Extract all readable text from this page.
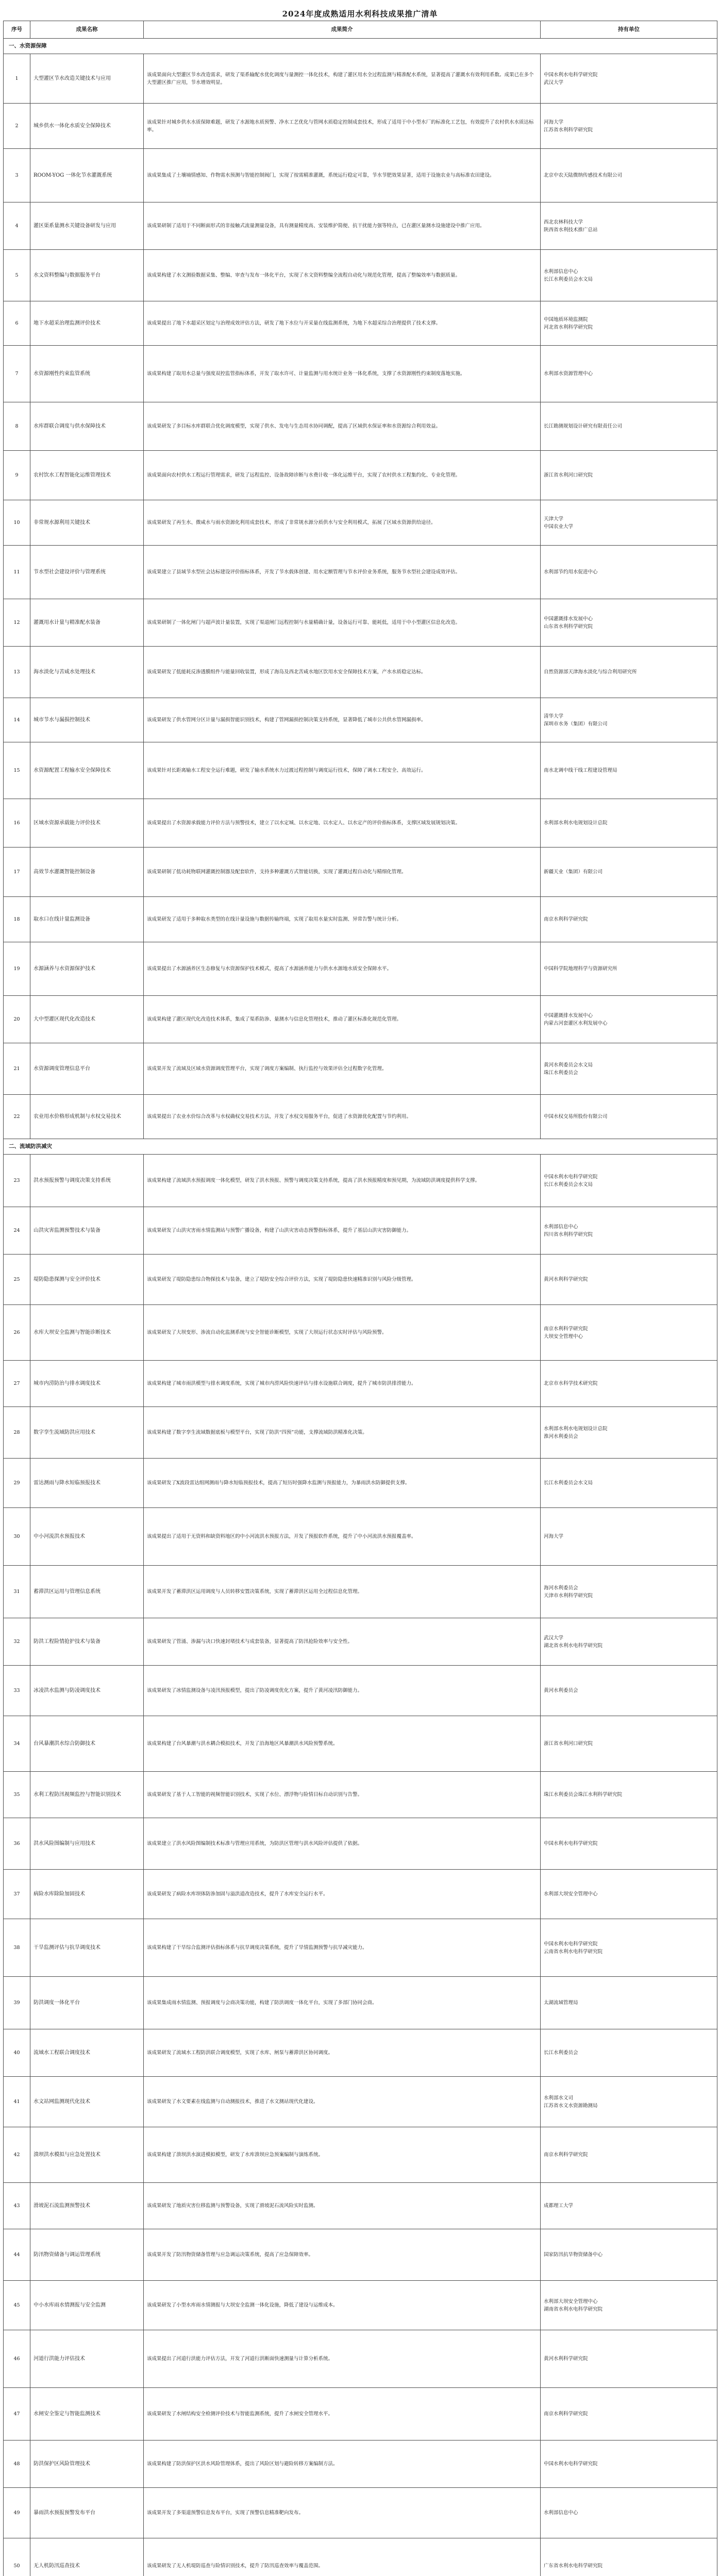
2024年度成熟适用水利科技成果推广清单
序号	成果名称	成果简介	持有单位
一、水资源保障			
1	大型灌区节水改造关键技术与应用	该成果面向大型灌区节水改造需求，研发了渠系输配水优化调度与量测控一体化技术，构建了灌区用水全过程监测与精准配水系统，显著提高了灌溉水有效利用系数。成果已在多个大型灌区推广应用，节水增效明显。	中国水利水电科学研究院
武汉大学
2	城乡供水一体化水质安全保障技术	该成果针对城乡供水水质保障难题，研发了水源地水质预警、净水工艺优化与管网水质稳定控制成套技术，形成了适用于中小型水厂的标准化工艺包，有效提升了农村供水水质达标率。	河海大学
江苏省水利科学研究院
3	ROOM-YOG 一体化节水灌溉系统	该成果集成了土壤墒情感知、作物需水预测与智能控制阀门，实现了按需精准灌溉，系统运行稳定可靠，节水节肥效果显著，适用于设施农业与高标准农田建设。	北京中农天陆微纳传感技术有限公司
4	灌区渠系量测水关键设备研发与应用	该成果研制了适用于不同断面形式的非接触式流量测量设备，具有测量精度高、安装维护简便、抗干扰能力强等特点，已在灌区量测水设施建设中推广应用。	西北农林科技大学
陕西省水利技术推广总站
5	水文资料整编与数据服务平台	该成果构建了水文测验数据采集、整编、审查与发布一体化平台，实现了水文资料整编全流程自动化与规范化管理，提高了整编效率与数据质量。	水利部信息中心
长江水利委员会水文局
6	地下水超采治理监测评价技术	该成果提出了地下水超采区划定与治理成效评估方法，研发了地下水位与开采量在线监测系统，为地下水超采综合治理提供了技术支撑。	中国地质环境监测院
河北省水利科学研究院
7	水资源刚性约束监管系统	该成果构建了取用水总量与强度双控监管指标体系，开发了取水许可、计量监测与用水统计业务一体化系统，支撑了水资源刚性约束制度落地实施。	水利部水资源管理中心
8	水库群联合调度与供水保障技术	该成果研发了多目标水库群联合优化调度模型，实现了供水、发电与生态用水协同调配，提高了区域供水保证率和水资源综合利用效益。	长江勘测规划设计研究有限责任公司
9	农村饮水工程智能化运维管理技术	该成果面向农村供水工程运行管理需求，研发了远程监控、设备故障诊断与水费计收一体化运维平台，实现了农村供水工程集约化、专业化管理。	浙江省水利河口研究院
10	非常规水源利用关键技术	该成果研发了再生水、微咸水与雨水资源化利用成套技术，形成了非常规水源分质供水与安全利用模式，拓展了区域水资源供给途径。	天津大学
中国农业大学
11	节水型社会建设评价与管理系统	该成果建立了县域节水型社会达标建设评价指标体系，开发了节水载体创建、用水定额管理与节水评价业务系统，服务节水型社会建设成效评估。	水利部节约用水促进中心
12	灌溉用水计量与精准配水装备	该成果研制了一体化闸门与超声波计量装置，实现了渠道闸门远程控制与水量精确计量，设备运行可靠、能耗低，适用于中小型灌区信息化改造。	中国灌溉排水发展中心
山东省水利科学研究院
13	海水淡化与苦咸水处理技术	该成果研发了低能耗反渗透膜组件与能量回收装置，形成了海岛及西北苦咸水地区饮用水安全保障技术方案，产水水质稳定达标。	自然资源部天津海水淡化与综合利用研究所
14	城市节水与漏损控制技术	该成果研发了供水管网分区计量与漏损智能识别技术，构建了管网漏损控制决策支持系统，显著降低了城市公共供水管网漏损率。	清华大学
深圳市水务（集团）有限公司
15	水资源配置工程输水安全保障技术	该成果针对长距离输水工程安全运行难题，研发了输水系统水力过渡过程控制与调度运行技术，保障了调水工程安全、高效运行。	南水北调中线干线工程建设管理局
16	区域水资源承载能力评价技术	该成果提出了水资源承载能力评价方法与预警技术，建立了以水定城、以水定地、以水定人、以水定产的评价指标体系，支撑区域发展规划决策。	水利部水利水电规划设计总院
17	高效节水灌溉智能控制设备	该成果研制了低功耗物联网灌溉控制器及配套软件，支持多种灌溉方式智能切换，实现了灌溉过程自动化与精细化管理。	新疆天业（集团）有限公司
18	取水口在线计量监测设备	该成果研发了适用于多种取水类型的在线计量设施与数据传输终端，实现了取用水量实时监测、异常告警与统计分析。	南京水利科学研究院
19	水源涵养与水资源保护技术	该成果提出了水源涵养区生态修复与水资源保护技术模式，提高了水源涵养能力与供水水源地水质安全保障水平。	中国科学院地理科学与资源研究所
20	大中型灌区现代化改造技术	该成果构建了灌区现代化改造技术体系，集成了渠系防渗、量测水与信息化管理技术，推动了灌区标准化规范化管理。	中国灌溉排水发展中心
内蒙古河套灌区水利发展中心
21	水资源调度管理信息平台	该成果开发了流域及区域水资源调度管理平台，实现了调度方案编制、执行监控与效果评估全过程数字化管理。	黄河水利委员会水文局
珠江水利委员会
22	农业用水价格形成机制与水权交易技术	该成果提出了农业水价综合改革与水权确权交易技术方法，开发了水权交易服务平台，促进了水资源优化配置与节约利用。	中国水权交易所股份有限公司
二、流域防洪减灾			
23	洪水预报预警与调度决策支持系统	该成果构建了流域洪水预报调度一体化模型，研发了洪水预报、预警与调度决策支持系统，提高了洪水预报精度和预见期，为流域防洪调度提供科学支撑。	中国水利水电科学研究院
长江水利委员会水文局
24	山洪灾害监测预警技术与装备	该成果研发了山洪灾害雨水情监测站与预警广播设备，构建了山洪灾害动态预警指标体系，提升了基层山洪灾害防御能力。	水利部信息中心
四川省水利科学研究院
25	堤防隐患探测与安全评价技术	该成果研发了堤防隐患综合物探技术与装备，建立了堤防安全综合评价方法，实现了堤防隐患快速精准识别与风险分级管理。	黄河水利科学研究院
26	水库大坝安全监测与智能诊断技术	该成果研发了大坝变形、渗流自动化监测系统与安全智能诊断模型，实现了大坝运行状态实时评估与风险预警。	南京水利科学研究院
大坝安全管理中心
27	城市内涝防治与排水调度技术	该成果构建了城市雨洪模型与排水调度系统，实现了城市内涝风险快速评估与排水设施联合调度，提升了城市防洪排涝能力。	北京市水科学技术研究院
28	数字孪生流域防洪应用技术	该成果构建了数字孪生流域数据底板与模型平台，实现了防洪“四预”功能，支撑流域防洪精准化决策。	水利部水利水电规划设计总院
淮河水利委员会
29	雷达测雨与降水短临预报技术	该成果研发了X波段雷达组网测雨与降水短临预报技术，提高了短历时强降水监测与预报能力，为暴雨洪水防御提供支撑。	长江水利委员会水文局
30	中小河流洪水预报技术	该成果提出了适用于无资料和缺资料地区的中小河流洪水预报方法，开发了预报软件系统，提升了中小河流洪水预报覆盖率。	河海大学
31	蓄滞洪区运用与管理信息系统	该成果开发了蓄滞洪区运用调度与人员转移安置决策系统，实现了蓄滞洪区运用全过程信息化管理。	海河水利委员会
天津市水利科学研究院
32	防洪工程险情抢护技术与装备	该成果研发了管涌、渗漏与决口快速封堵技术与成套装备，显著提高了防汛抢险效率与安全性。	武汉大学
湖北省水利水电科学研究院
33	冰凌洪水监测与防凌调度技术	该成果研发了冰情监测设备与凌汛预报模型，提出了防凌调度优化方案，提升了黄河凌汛防御能力。	黄河水利委员会
34	台风暴潮洪水综合防御技术	该成果构建了台风暴潮与洪水耦合模拟技术，开发了沿海地区风暴潮洪水风险预警系统。	浙江省水利河口研究院
35	水利工程防汛视频监控与智能识别技术	该成果研发了基于人工智能的视频智能识别技术，实现了水位、漂浮物与险情目标自动识别与告警。	珠江水利委员会珠江水利科学研究院
36	洪水风险图编制与应用技术	该成果建立了洪水风险图编制技术标准与管理应用系统，为防洪区管理与洪水风险评估提供了依据。	中国水利水电科学研究院
37	病险水库除险加固技术	该成果研发了病险水库坝体防渗加固与溢洪道改造技术，提升了水库安全运行水平。	水利部大坝安全管理中心
38	干旱监测评估与抗旱调度技术	该成果构建了干旱综合监测评估指标体系与抗旱调度决策系统，提升了旱情监测预警与抗旱减灾能力。	中国水利水电科学研究院
云南省水利水电科学研究院
39	防洪调度一体化平台	该成果集成雨水情监测、预报调度与会商决策功能，构建了防洪调度一体化平台，实现了多部门协同会商。	太湖流域管理局
40	流域水工程联合调度技术	该成果研发了流域水工程防洪联合调度模型，实现了水库、闸泵与蓄滞洪区协同调度。	长江水利委员会
41	水文站网监测现代化技术	该成果研发了水文要素在线监测与自动测报技术，推进了水文测站现代化建设。	水利部水文司
江苏省水文水资源勘测局
42	溃坝洪水模拟与应急处置技术	该成果构建了溃坝洪水演进模拟模型，研发了水库溃坝应急预案编制与演练系统。	南京水利科学研究院
43	滑坡泥石流监测预警技术	该成果研发了地质灾害位移监测与预警设备，实现了滑坡泥石流风险实时监测。	成都理工大学
44	防汛物资储备与调运管理系统	该成果开发了防汛物资储备管理与应急调运决策系统，提高了应急保障效率。	国家防汛抗旱物资储备中心
45	中小水库雨水情测报与安全监测	该成果研发了小型水库雨水情测报与大坝安全监测一体化设施，降低了建设与运维成本。	水利部大坝安全管理中心
湖南省水利水电科学研究院
46	河道行洪能力评估技术	该成果提出了河道行洪能力评估方法，开发了河道行洪断面快速测量与计算分析系统。	黄河水利科学研究院
47	水闸安全鉴定与智能监测技术	该成果研发了水闸结构安全检测评价技术与智能监测系统，提升了水闸安全管理水平。	南京水利科学研究院
48	防洪保护区风险管理技术	该成果构建了防洪保护区洪水风险管理体系，提出了风险区划与避险转移方案编制方法。	中国水利水电科学研究院
49	暴雨洪水预报预警发布平台	该成果开发了多渠道预警信息发布平台，实现了预警信息精准靶向发布。	水利部信息中心
50	无人机防汛巡查技术	该成果研发了无人机堤防巡查与险情识别技术，提升了防汛巡查效率与覆盖范围。	广东省水利水电科学研究院
